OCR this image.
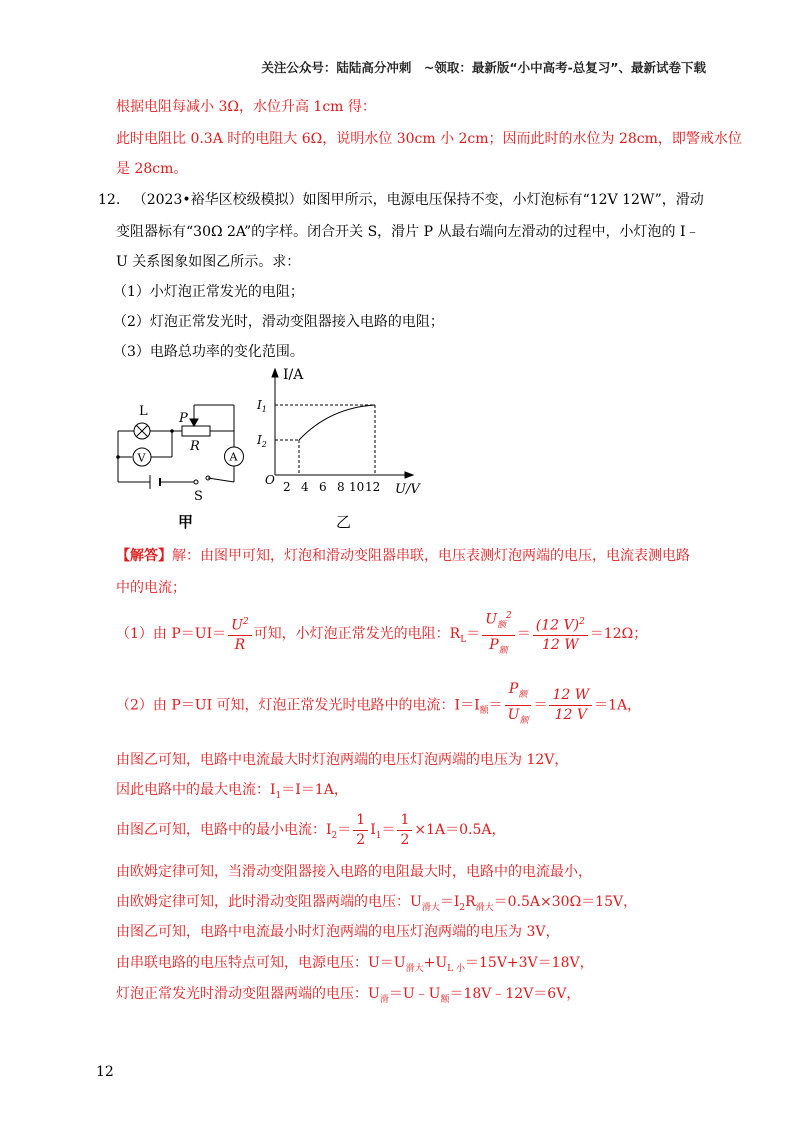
关注公众号：陆陆高分冲刺　~领取：最新版“小中高考-总复习”、最新试卷下载
根据电阻每减小 3Ω，水位升高 1cm 得：
此时电阻比 0.3A 时的电阻大 6Ω，说明水位 30cm 小 2cm；因而此时的水位为 28cm，即警戒水位
是 28cm。
12. （2023•裕华区校级模拟）如图甲所示，电源电压保持不变，小灯泡标有“12V 12W”，滑动
变阻器标有“30Ω 2A”的字样。闭合开关 S，滑片 P 从最右端向左滑动的过程中，小灯泡的 I﹣
U 关系图象如图乙所示。求：
（1）小灯泡正常发光的电阻；
（2）灯泡正常发光时，滑动变阻器接入电路的电阻；
（3）电路总功率的变化范围。
L P
R
V	A
S
甲
I/A
O
$I_1$
$I_2$
2 4 6 8 10 12 U/V
乙
【解答】解：由图甲可知，灯泡和滑动变阻器串联，电压表测灯泡两端的电压，电流表测电路
中的电流；
（1）由 $P=UI= \frac{U^2}{R}$ 可知，小灯泡正常发光的电阻：$R_L= \frac{U_额^2}{P_额} = \frac{(12 V)^2}{12 W} =12\Omega$；
（2）由 P＝UI 可知，灯泡正常发光时电路中的电流：$I=I_额= \frac{P_额}{U_额} = \frac{12 W}{12 V} =1A$，
由图乙可知，电路中电流最大时灯泡两端的电压灯泡两端的电压为 12V，
因此电路中的最大电流：$I_1=I=1A$，
由图乙可知，电路中的最小电流：$I_2= \frac{1}{2} I_1= \frac{1}{2} \times 1A=0.5A$，
由欧姆定律可知，当滑动变阻器接入电路的电阻最大时，电路中的电流最小，
由欧姆定律可知，此时滑动变阻器两端的电压：$U_{滑大}=I_2R_{滑大}=0.5A\times 30\Omega=15V$，
由图乙可知，电路中电流最小时灯泡两端的电压灯泡两端的电压为 3V，
由串联电路的电压特点可知，电源电压：$U=U_{滑大}+U_{L 小}=15V+3V=18V$，
灯泡正常发光时滑动变阻器两端的电压：$U_滑=U﹣U_额=18V﹣12V=6V$，
12
